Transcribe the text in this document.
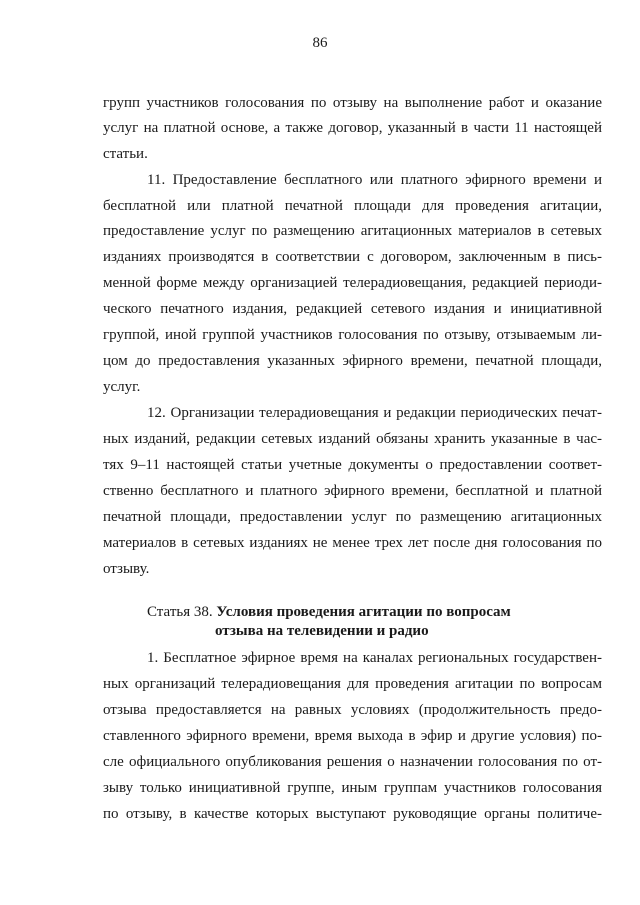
86
групп участников голосования по отзыву на выполнение работ и оказание
услуг на платной основе, а также договор, указанный в части 11 настоящей
статьи.
11. Предоставление бесплатного или платного эфирного времени и
бесплатной или платной печатной площади для проведения агитации,
предоставление услуг по размещению агитационных материалов в сетевых
изданиях производятся в соответствии с договором, заключенным в пись-
менной форме между организацией телерадиовещания, редакцией периоди-
ческого печатного издания, редакцией сетевого издания и инициативной
группой, иной группой участников голосования по отзыву, отзываемым ли-
цом до предоставления указанных эфирного времени, печатной площади,
услуг.
12. Организации телерадиовещания и редакции периодических печат-
ных изданий, редакции сетевых изданий обязаны хранить указанные в час-
тях 9–11 настоящей статьи учетные документы о предоставлении соответ-
ственно бесплатного и платного эфирного времени, бесплатной и платной
печатной площади, предоставлении услуг по размещению агитационных
материалов в сетевых изданиях не менее трех лет после дня голосования по
отзыву.
Статья 38. Условия проведения агитации по вопросам
отзыва на телевидении и радио
1. Бесплатное эфирное время на каналах региональных государствен-
ных организаций телерадиовещания для проведения агитации по вопросам
отзыва предоставляется на равных условиях (продолжительность предо-
ставленного эфирного времени, время выхода в эфир и другие условия) по-
сле официального опубликования решения о назначении голосования по от-
зыву только инициативной группе, иным группам участников голосования
по отзыву, в качестве которых выступают руководящие органы политиче-
